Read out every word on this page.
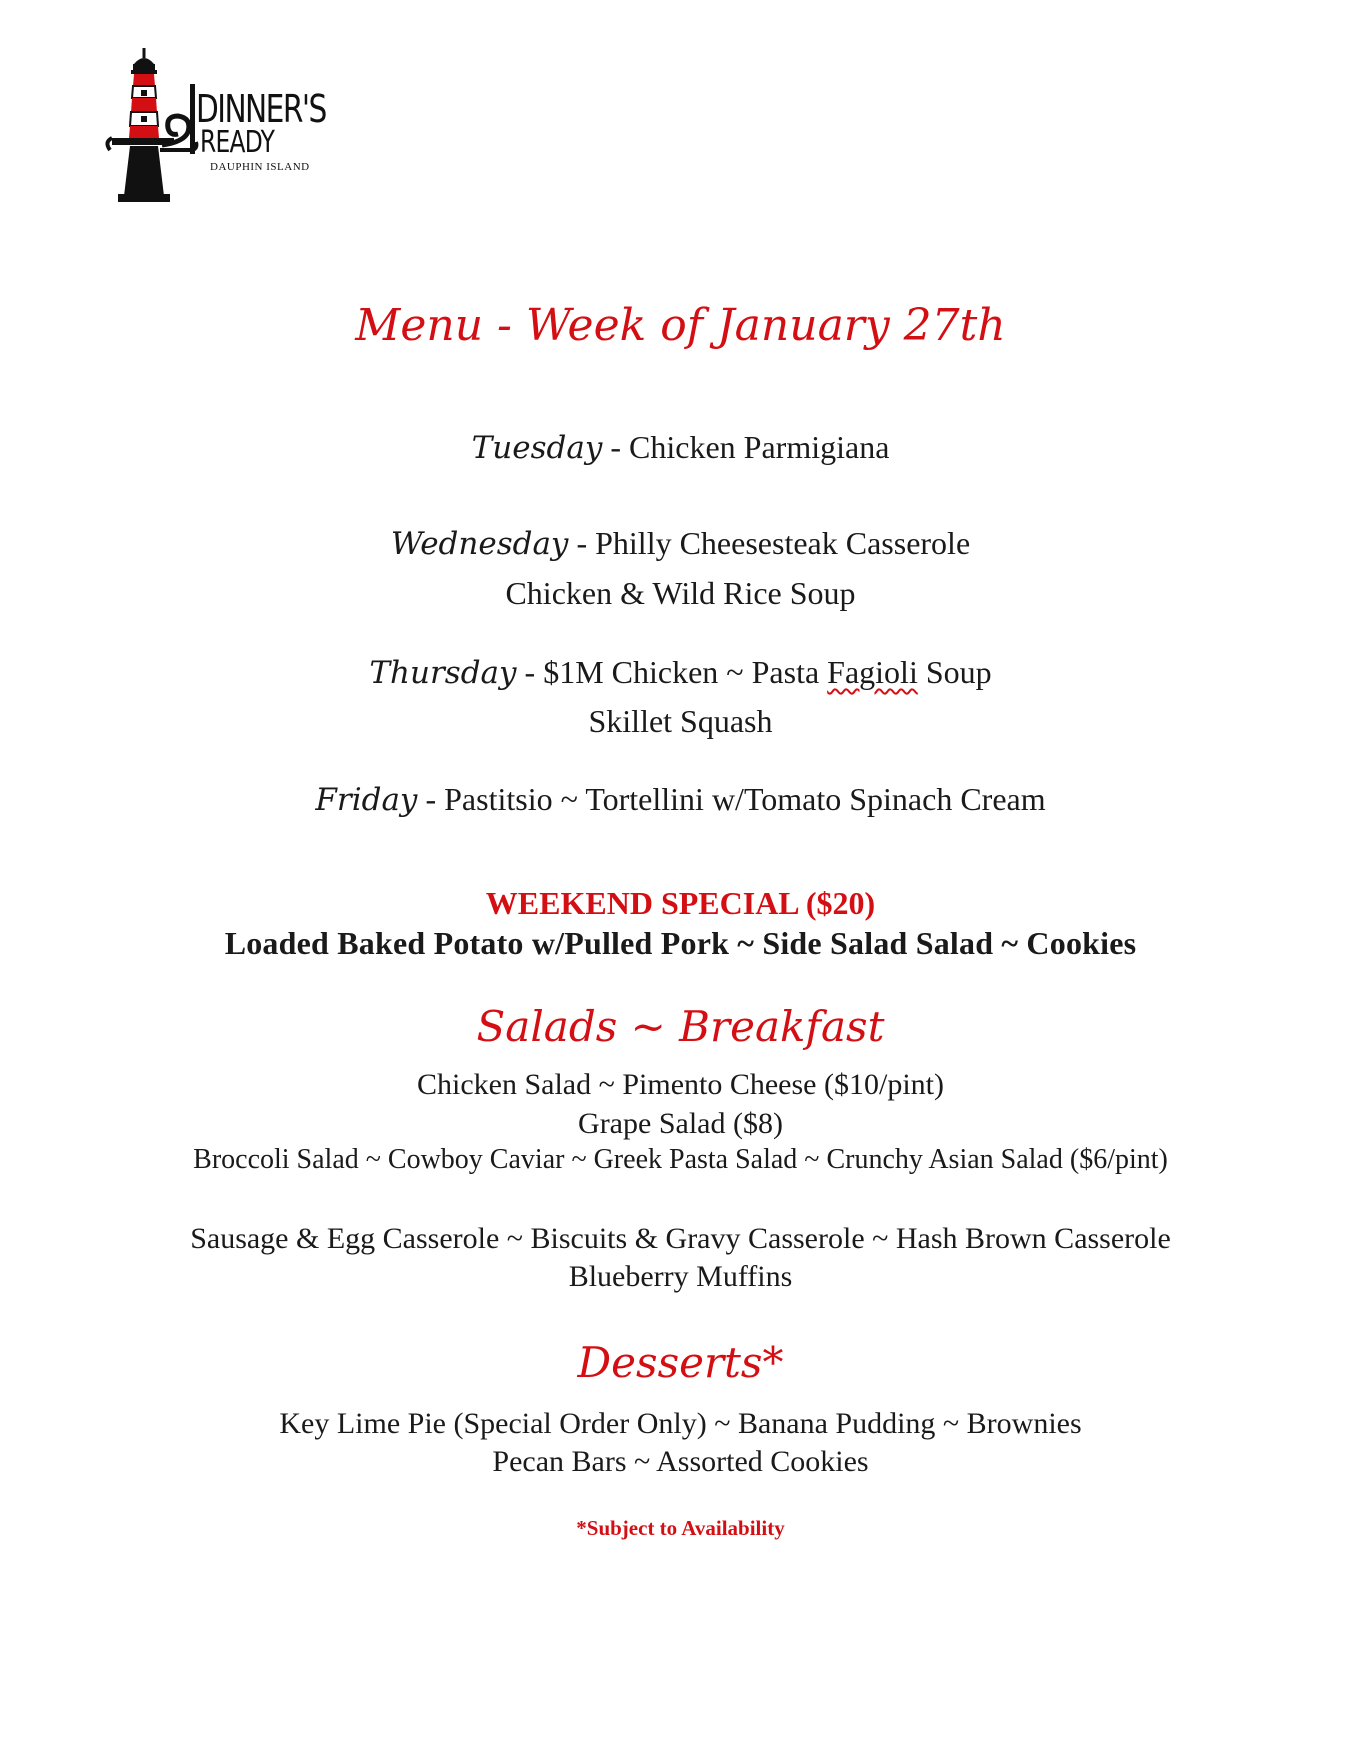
DINNER'S
READY
DAUPHIN ISLAND
Menu - Week of January 27th
Tuesday - Chicken Parmigiana
Wednesday - Philly Cheesesteak Casserole
Chicken & Wild Rice Soup
Thursday - $1M Chicken ~ Pasta Fagioli Soup
Skillet Squash
Friday - Pastitsio ~ Tortellini w/Tomato Spinach Cream
WEEKEND SPECIAL ($20)
Loaded Baked Potato w/Pulled Pork ~ Side Salad Salad ~ Cookies
Salads ~ Breakfast
Chicken Salad ~ Pimento Cheese ($10/pint)
Grape Salad ($8)
Broccoli Salad ~ Cowboy Caviar ~ Greek Pasta Salad ~ Crunchy Asian Salad ($6/pint)
Sausage & Egg Casserole ~ Biscuits & Gravy Casserole ~ Hash Brown Casserole
Blueberry Muffins
Desserts*
Key Lime Pie (Special Order Only) ~ Banana Pudding ~ Brownies
Pecan Bars ~ Assorted Cookies
*Subject to Availability
